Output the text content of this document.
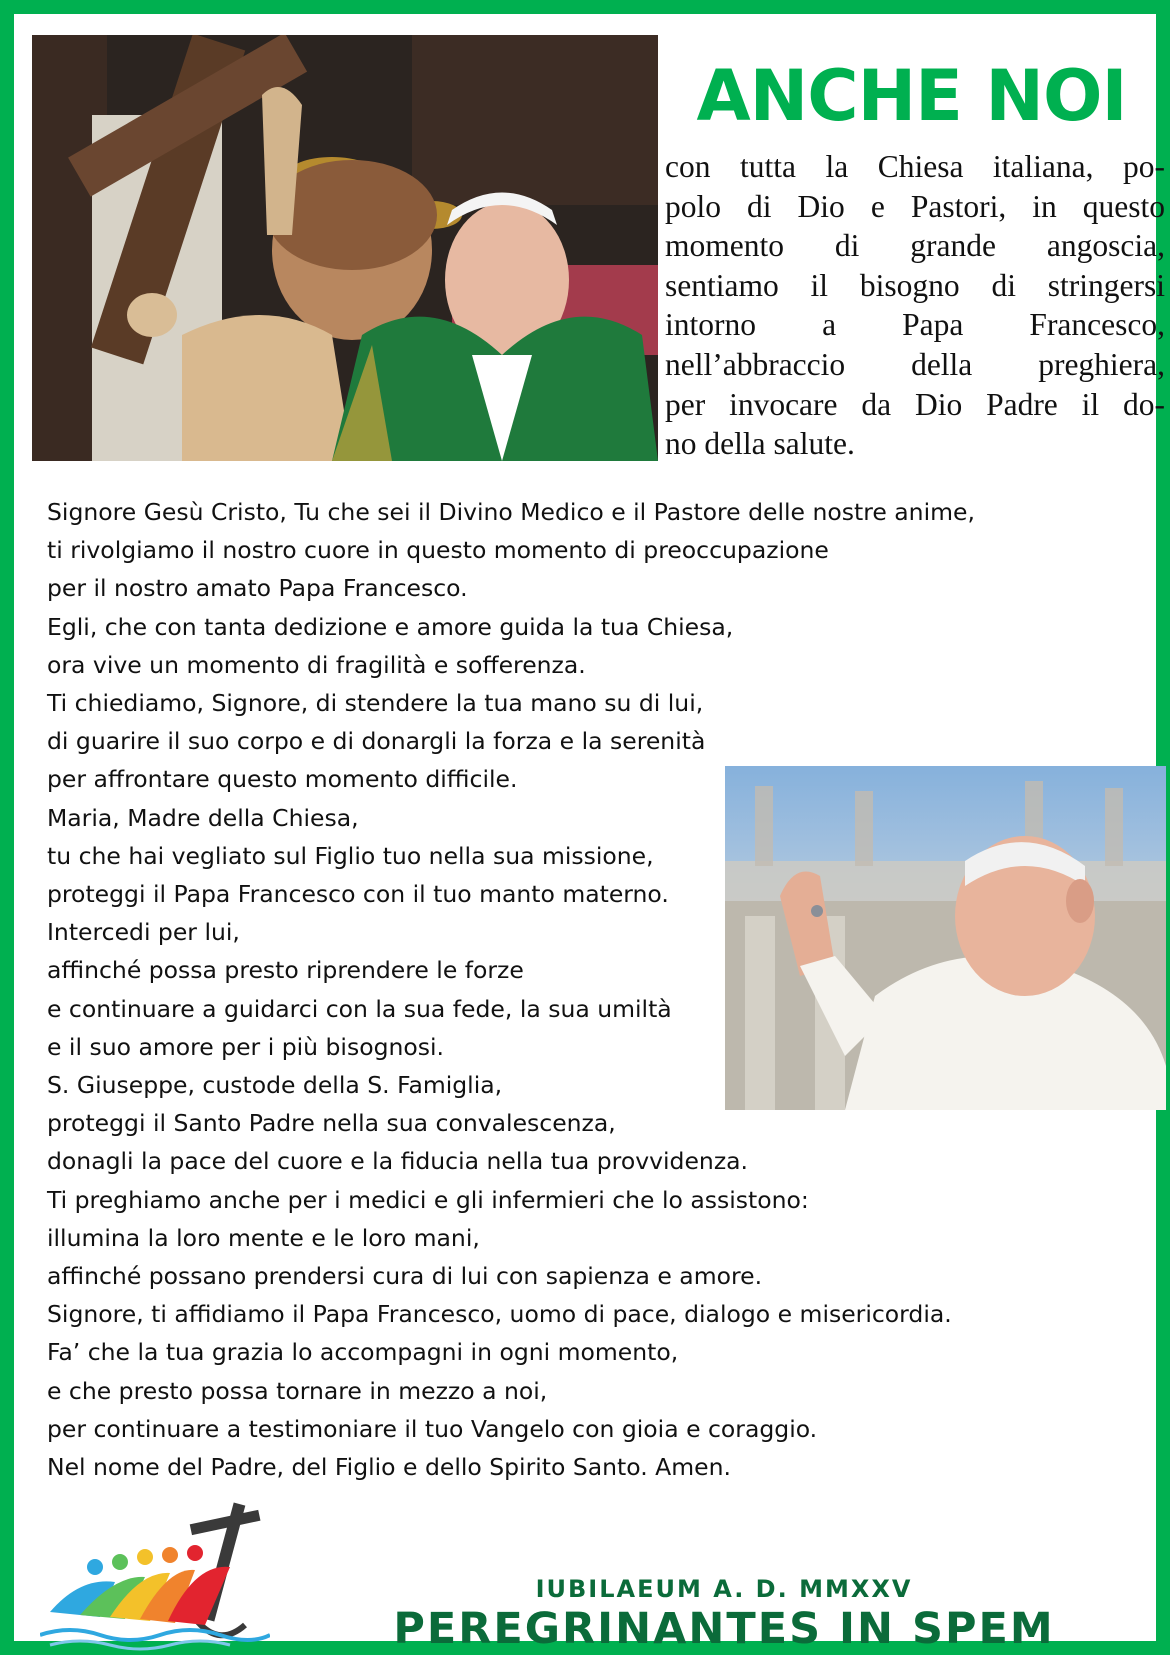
ANCHE NOI
con tutta la Chiesa italiana, po-
polo di Dio e Pastori, in questo
momento di grande angoscia,
sentiamo il bisogno di stringersi
intorno a Papa Francesco,
nell’abbraccio della preghiera,
per invocare da Dio Padre il do-
no della salute.
Signore Gesù Cristo, Tu che sei il Divino Medico e il Pastore delle nostre anime,
ti rivolgiamo il nostro cuore in questo momento di preoccupazione
per il nostro amato Papa Francesco.
Egli, che con tanta dedizione e amore guida la tua Chiesa,
ora vive un momento di fragilità e sofferenza.
Ti chiediamo, Signore, di stendere la tua mano su di lui,
di guarire il suo corpo e di donargli la forza e la serenità
per affrontare questo momento difficile.
Maria, Madre della Chiesa,
tu che hai vegliato sul Figlio tuo nella sua missione,
proteggi il Papa Francesco con il tuo manto materno.
Intercedi per lui,
affinché possa presto riprendere le forze
e continuare a guidarci con la sua fede, la sua umiltà
e il suo amore per i più bisognosi.
S. Giuseppe, custode della S. Famiglia,
proteggi il Santo Padre nella sua convalescenza,
donagli la pace del cuore e la fiducia nella tua provvidenza.
Ti preghiamo anche per i medici e gli infermieri che lo assistono:
illumina la loro mente e le loro mani,
affinché possano prendersi cura di lui con sapienza e amore.
Signore, ti affidiamo il Papa Francesco, uomo di pace, dialogo e misericordia.
Fa’ che la tua grazia lo accompagni in ogni momento,
e che presto possa tornare in mezzo a noi,
per continuare a testimoniare il tuo Vangelo con gioia e coraggio.
Nel nome del Padre, del Figlio e dello Spirito Santo. Amen.
IUBILAEUM A. D. MMXXV
PEREGRINANTES IN SPEM
